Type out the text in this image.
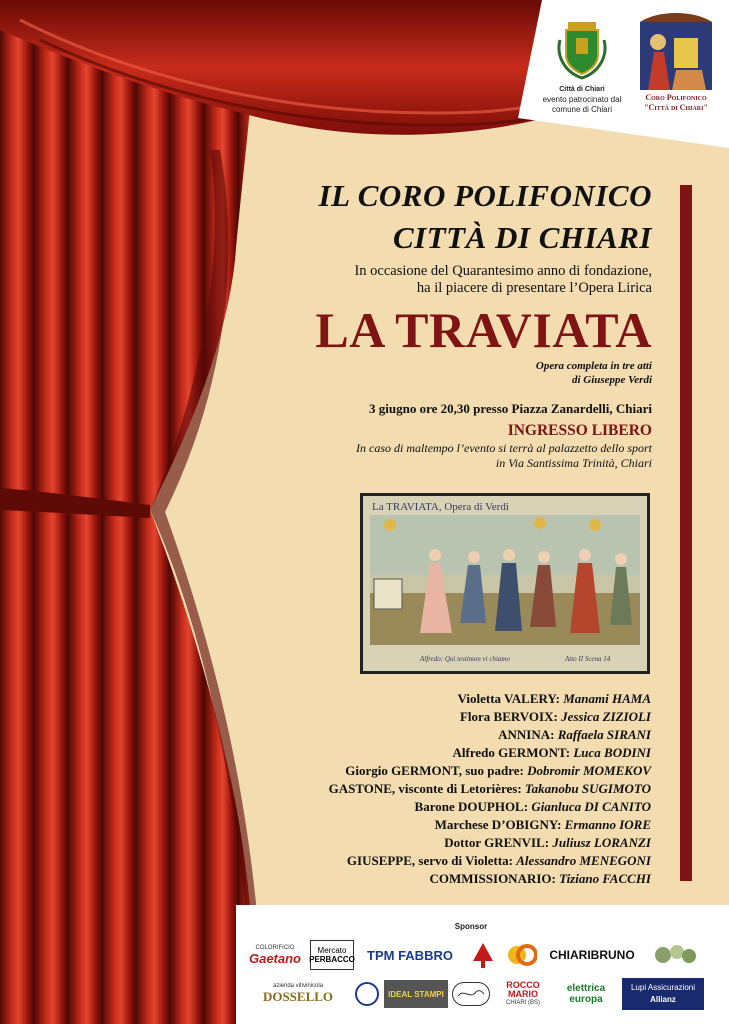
Città di Chiari
evento patrocinato dal comune di Chiari
Coro Polifonico
"Città di Chiari"
IL CORO POLIFONICO
CITTÀ DI CHIARI
In occasione del Quarantesimo anno di fondazione,
ha il piacere di presentare l’Opera Lirica
LA TRAVIATA
Opera completa in tre atti
di Giuseppe Verdi
3 giugno ore 20,30 presso Piazza Zanardelli, Chiari
INGRESSO LIBERO
In caso di maltempo l’evento si terrà al palazzetto dello sport
in Via Santissima Trinità, Chiari
La TRAVIATA, Opera di Verdi
Alfredo: Qui testimon vi chiamo	Atto II Scena 14
Violetta VALERY: Manami HAMA
Flora BERVOIX: Jessica ZIZIOLI
ANNINA: Raffaela SIRANI
Alfredo GERMONT: Luca BODINI
Giorgio GERMONT, suo padre: Dobromir MOMEKOV
GASTONE, visconte di Letorières: Takanobu SUGIMOTO
Barone DOUPHOL: Gianluca DI CANITO
Marchese D’OBIGNY: Ermanno IORE
Dottor GRENVIL: Juliusz LORANZI
GIUSEPPE, servo di Violetta: Alessandro MENEGONI
COMMISSIONARIO: Tiziano FACCHI
Sponsor
COLORIFICIO
Gaetano Mercato
PERBACCO TPM FABBRO	CHIARIBRUNO
azienda vitivinicola
DOSSELLO	IDEAL STAMPI
ROCCO
MARIO
CHIARI (BS)
elettrica
europa
Lupi Assicurazioni
Allianz
